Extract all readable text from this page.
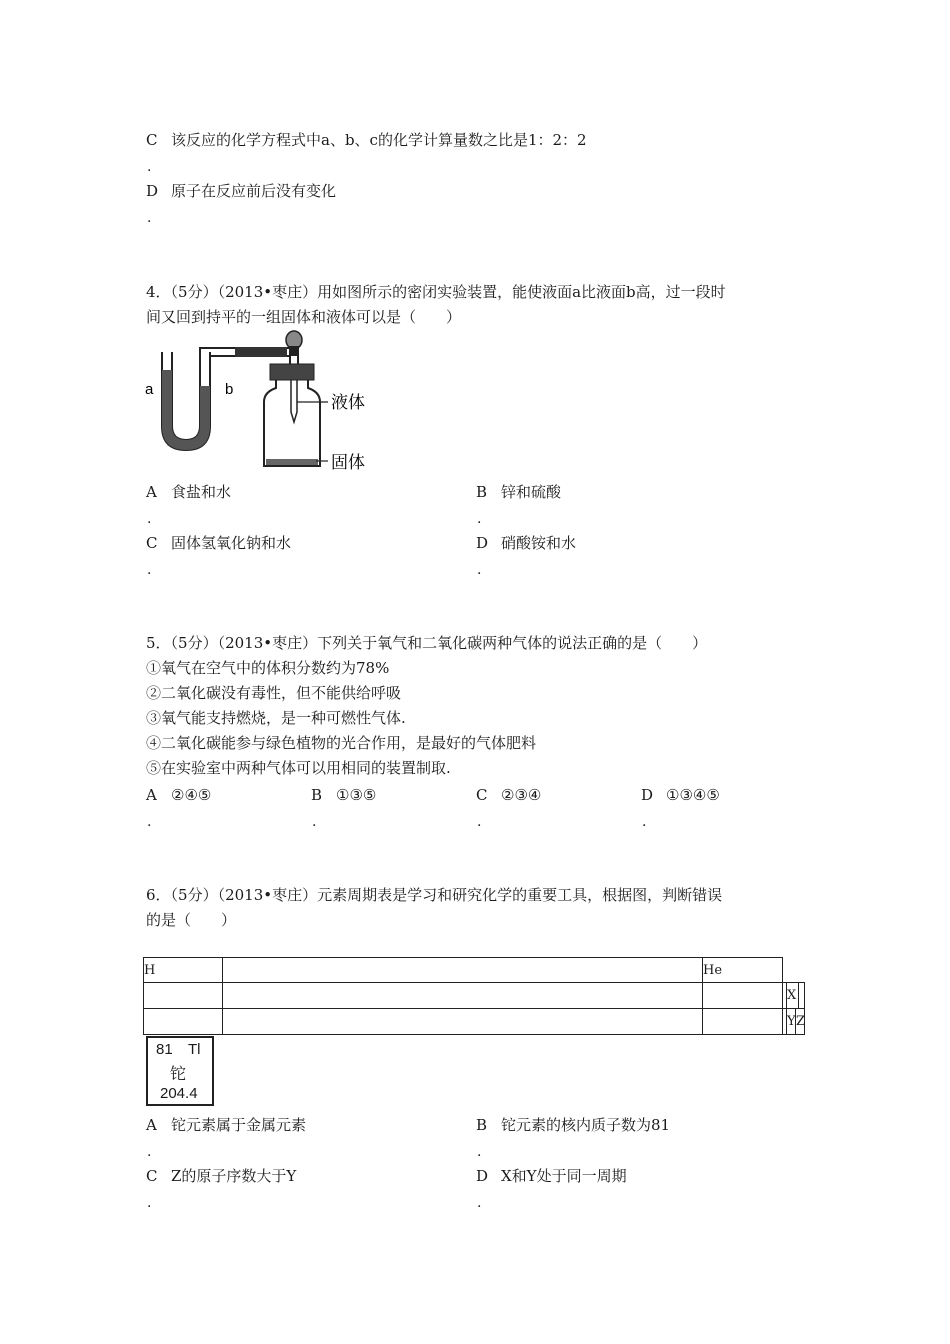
C 该反应的化学方程式中a、b、c的化学计算量数之比是1：2：2
.
D 原子在反应前后没有变化
.
4．（5分）（2013•枣庄）用如图所示的密闭实验装置，能使液面a比液面b高，过一段时
间又回到持平的一组固体和液体可以是（　　）
a	b
液体
固体
A 食盐和水
.
B 锌和硫酸
.
C 固体氢氧化钠和水
.
D 硝酸铵和水
.
5．（5分）（2013•枣庄）下列关于氧气和二氧化碳两种气体的说法正确的是（　　）
①氧气在空气中的体积分数约为78%
②二氧化碳没有毒性，但不能供给呼吸
③氧气能支持燃烧，是一种可燃性气体.
④二氧化碳能参与绿色植物的光合作用，是最好的气体肥料
⑤在实验室中两种气体可以用相同的装置制取.
A ②④⑤
.
B ①③⑤
.
C ②③④
.
D ①③④⑤
.
6．（5分）（2013•枣庄）元素周期表是学习和研究化学的重要工具，根据图，判断错误
的是（　　）
H		He	

			X

			Y Z
81 Tl
铊
204.4
A 铊元素属于金属元素
.
B 铊元素的核内质子数为81
.
C Z的原子序数大于Y
.
D X和Y处于同一周期
.
